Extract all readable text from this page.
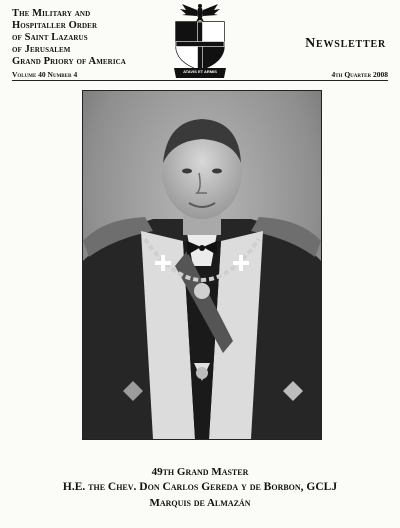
The Military and
Hospitaller Order
of Saint Lazarus
of Jerusalem
Grand Priory of America
Volume 40 Number 4	ATAVIS ET ARMIS
Newsletter
4th Quarter 2008
49th Grand Master
H.E. the Chev. Don Carlos Gereda y de Borbon, GCLJ
Marquis de Almazán
